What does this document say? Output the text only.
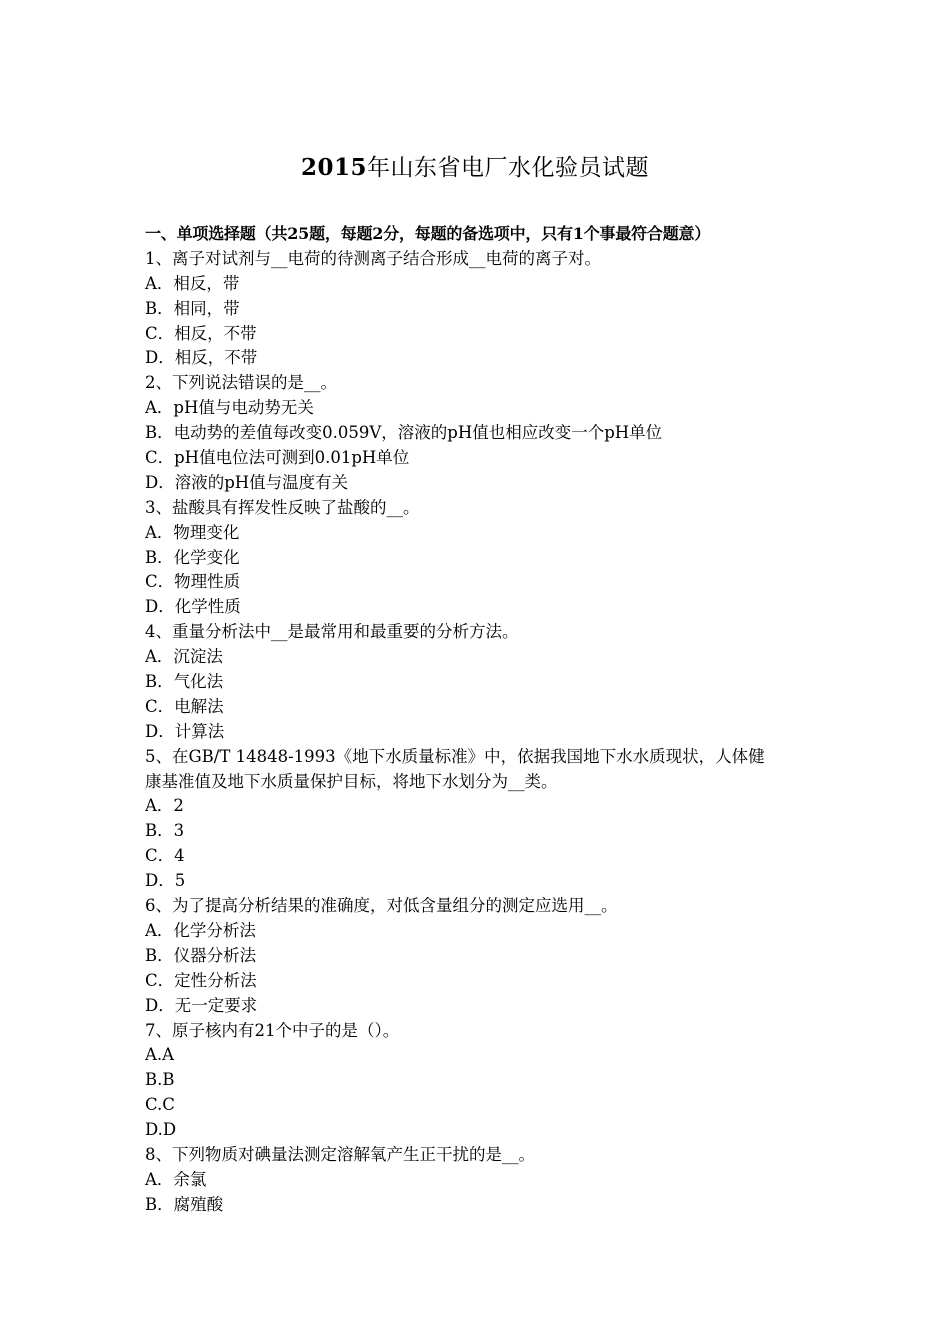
2015年山东省电厂水化验员试题
一、单项选择题（共25题，每题2分，每题的备选项中，只有1个事最符合题意）
1、离子对试剂与__电荷的待测离子结合形成__电荷的离子对。
A．相反，带
B．相同，带
C．相反，不带
D．相反，不带
2、下列说法错误的是__。
A．pH值与电动势无关
B．电动势的差值每改变0.059V，溶液的pH值也相应改变一个pH单位
C．pH值电位法可测到0.01pH单位
D．溶液的pH值与温度有关
3、盐酸具有挥发性反映了盐酸的__。
A．物理变化
B．化学变化
C．物理性质
D．化学性质
4、重量分析法中__是最常用和最重要的分析方法。
A．沉淀法
B．气化法
C．电解法
D．计算法
5、在GB/T 14848-1993《地下水质量标准》中，依据我国地下水水质现状，人体健
康基准值及地下水质量保护目标，将地下水划分为__类。
A．2
B．3
C．4
D．5
6、为了提高分析结果的准确度，对低含量组分的测定应选用__。
A．化学分析法
B．仪器分析法
C．定性分析法
D．无一定要求
7、原子核内有21个中子的是（）。
A.A
B.B
C.C
D.D
8、下列物质对碘量法测定溶解氧产生正干扰的是__。
A．余氯
B．腐殖酸
